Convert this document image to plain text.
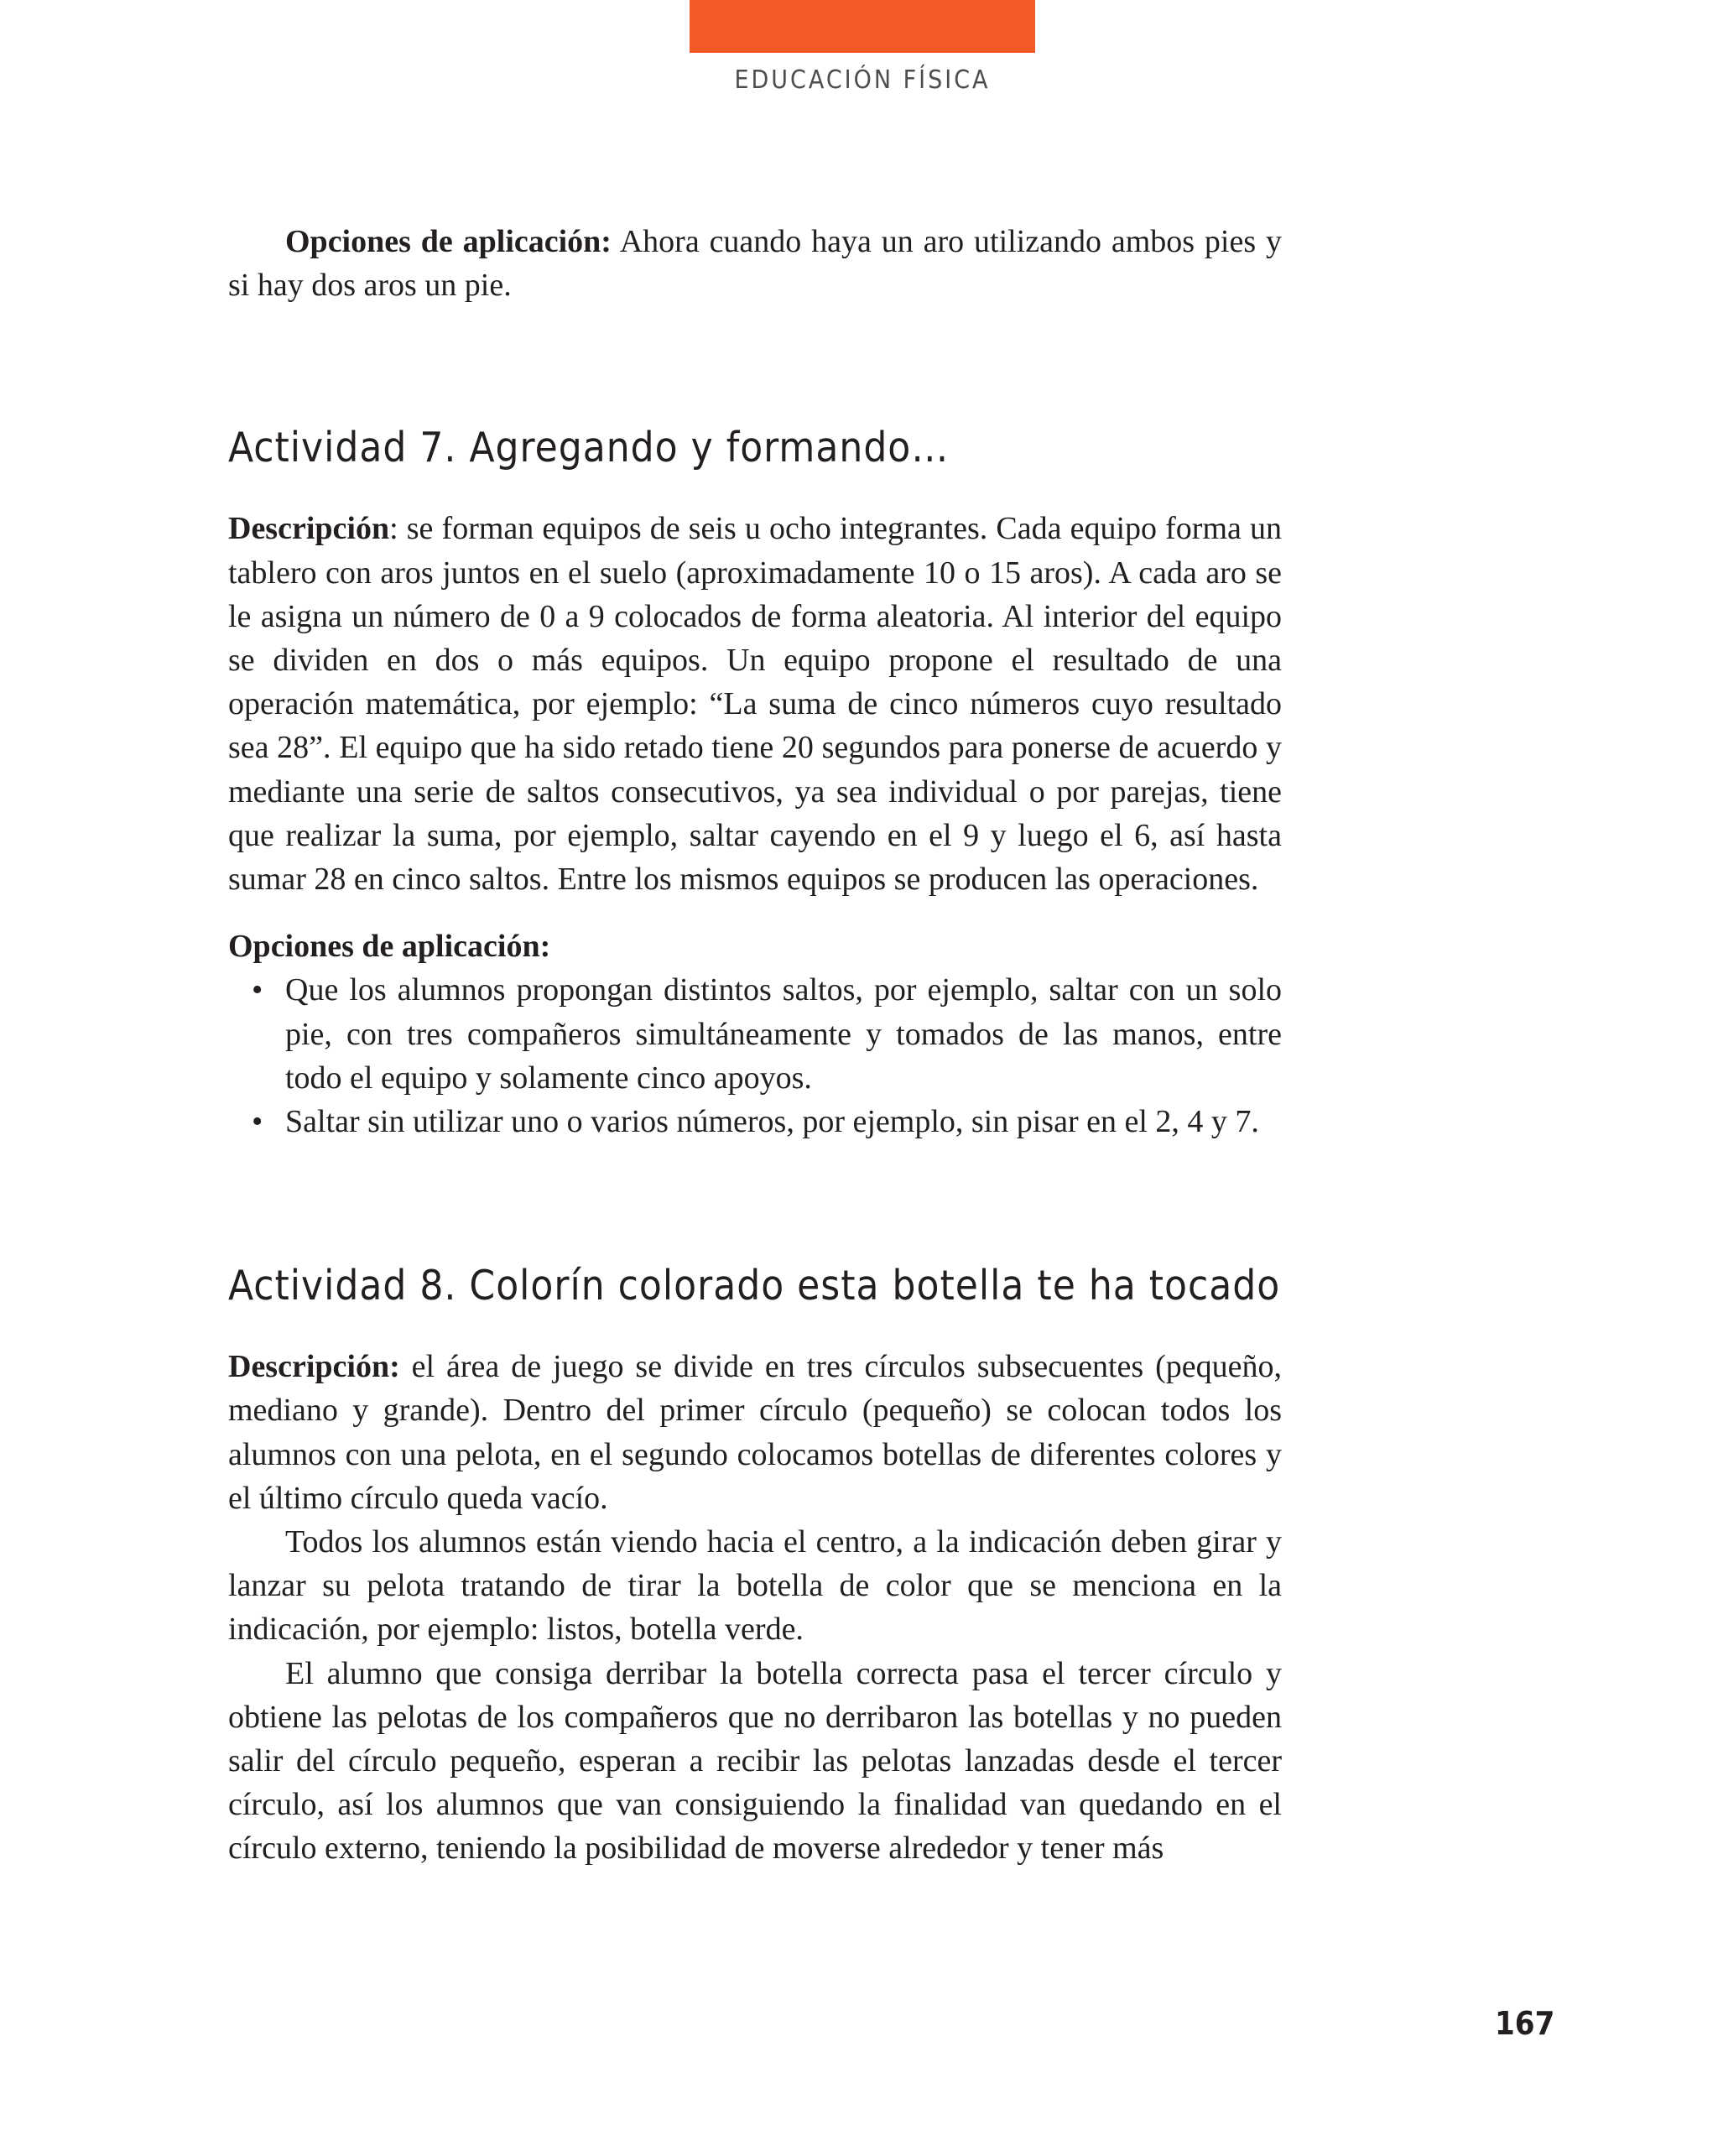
EDUCACIÓN FÍSICA

Opciones de aplicación: Ahora cuando haya un aro utilizando ambos pies y si hay dos aros un pie.

Actividad 7. Agregando y formando…

Descripción: se forman equipos de seis u ocho integrantes. Cada equipo forma un tablero con aros juntos en el suelo (aproximadamente 10 o 15 aros). A cada aro se le asigna un número de 0 a 9 colocados de forma aleatoria. Al interior del equipo se dividen en dos o más equipos. Un equipo propone el resultado de una operación matemática, por ejemplo: “La suma de cinco números cuyo resultado sea 28”. El equipo que ha sido retado tiene 20 segundos para ponerse de acuerdo y mediante una serie de saltos consecutivos, ya sea individual o por parejas, tiene que realizar la suma, por ejemplo, saltar cayendo en el 9 y luego el 6, así hasta sumar 28 en cinco saltos. Entre los mismos equipos se producen las operaciones.

Opciones de aplicación:

• Que los alumnos propongan distintos saltos, por ejemplo, saltar con un solo pie, con tres compañeros simultáneamente y tomados de las manos, entre todo el equipo y solamente cinco apoyos.
• Saltar sin utilizar uno o varios números, por ejemplo, sin pisar en el 2, 4 y 7.
Actividad 8. Colorín colorado esta botella te ha tocado

Descripción: el área de juego se divide en tres círculos subsecuentes (pequeño, mediano y grande). Dentro del primer círculo (pequeño) se colocan todos los alumnos con una pelota, en el segundo colocamos botellas de diferentes colores y el último círculo queda vacío.

Todos los alumnos están viendo hacia el centro, a la indicación deben girar y lanzar su pelota tratando de tirar la botella de color que se menciona en la indicación, por ejemplo: listos, botella verde.

El alumno que consiga derribar la botella correcta pasa el tercer círculo y obtiene las pelotas de los compañeros que no derribaron las botellas y no pueden salir del círculo pequeño, esperan a recibir las pelotas lanzadas desde el tercer círculo, así los alumnos que van consiguiendo la finalidad van quedando en el círculo externo, teniendo la posibilidad de moverse alrededor y tener más

167
